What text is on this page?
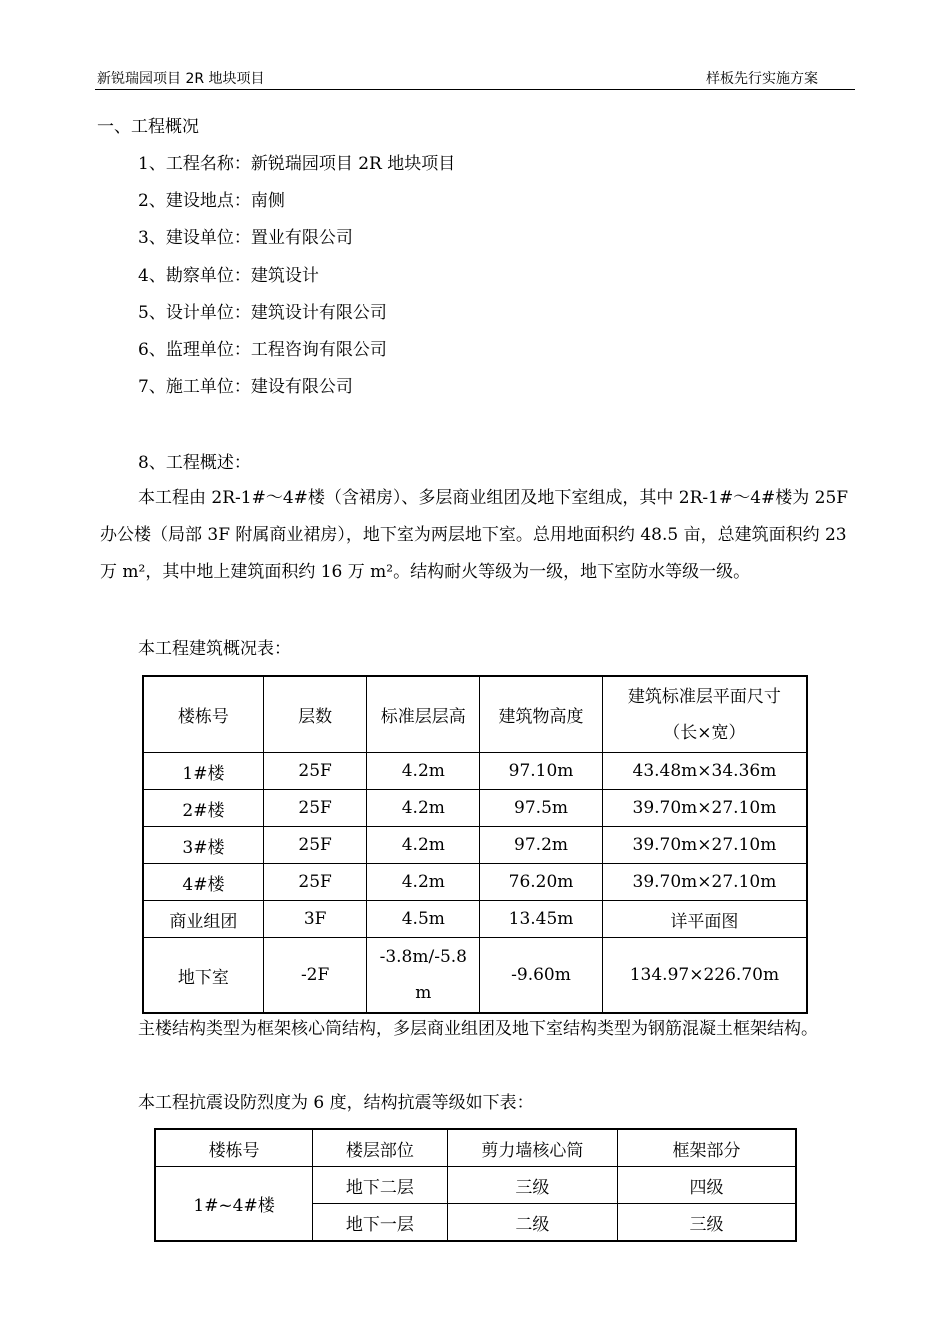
新锐瑞园项目 2R 地块项目	样板先行实施方案
一、工程概况
1、工程名称：新锐瑞园项目 2R 地块项目
2、建设地点：南侧
3、建设单位：置业有限公司
4、勘察单位：建筑设计
5、设计单位：建筑设计有限公司
6、监理单位：工程咨询有限公司
7、施工单位：建设有限公司
8、工程概述：
本工程由 2R-1#～4#楼（含裙房）、多层商业组团及地下室组成，其中 2R-1#～4#楼为 25F 办公楼（局部 3F 附属商业裙房），地下室为两层地下室。总用地面积约 48.5 亩，总建筑面积约 23 万 m²，其中地上建筑面积约 16 万 m²。结构耐火等级为一级，地下室防水等级一级。
本工程建筑概况表：
楼栋号	层数	标准层层高	建筑物高度	建筑标准层平面尺寸
（长×宽）

1#楼	25F	4.2m	97.10m	43.48m×34.36m
2#楼	25F	4.2m	97.5m	39.70m×27.10m
3#楼	25F	4.2m	97.2m	39.70m×27.10m
4#楼	25F	4.2m	76.20m	39.70m×27.10m
商业组团	3F	4.5m	13.45m	详平面图
地下室	-2F	-3.8m/-5.8
m	-9.60m	134.97×226.70m
主楼结构类型为框架核心筒结构，多层商业组团及地下室结构类型为钢筋混凝土框架结构。
本工程抗震设防烈度为 6 度，结构抗震等级如下表：
楼栋号	楼层部位	剪力墙核心筒	框架部分
1#~4#楼	地下二层	三级	四级
	地下一层	二级	三级
